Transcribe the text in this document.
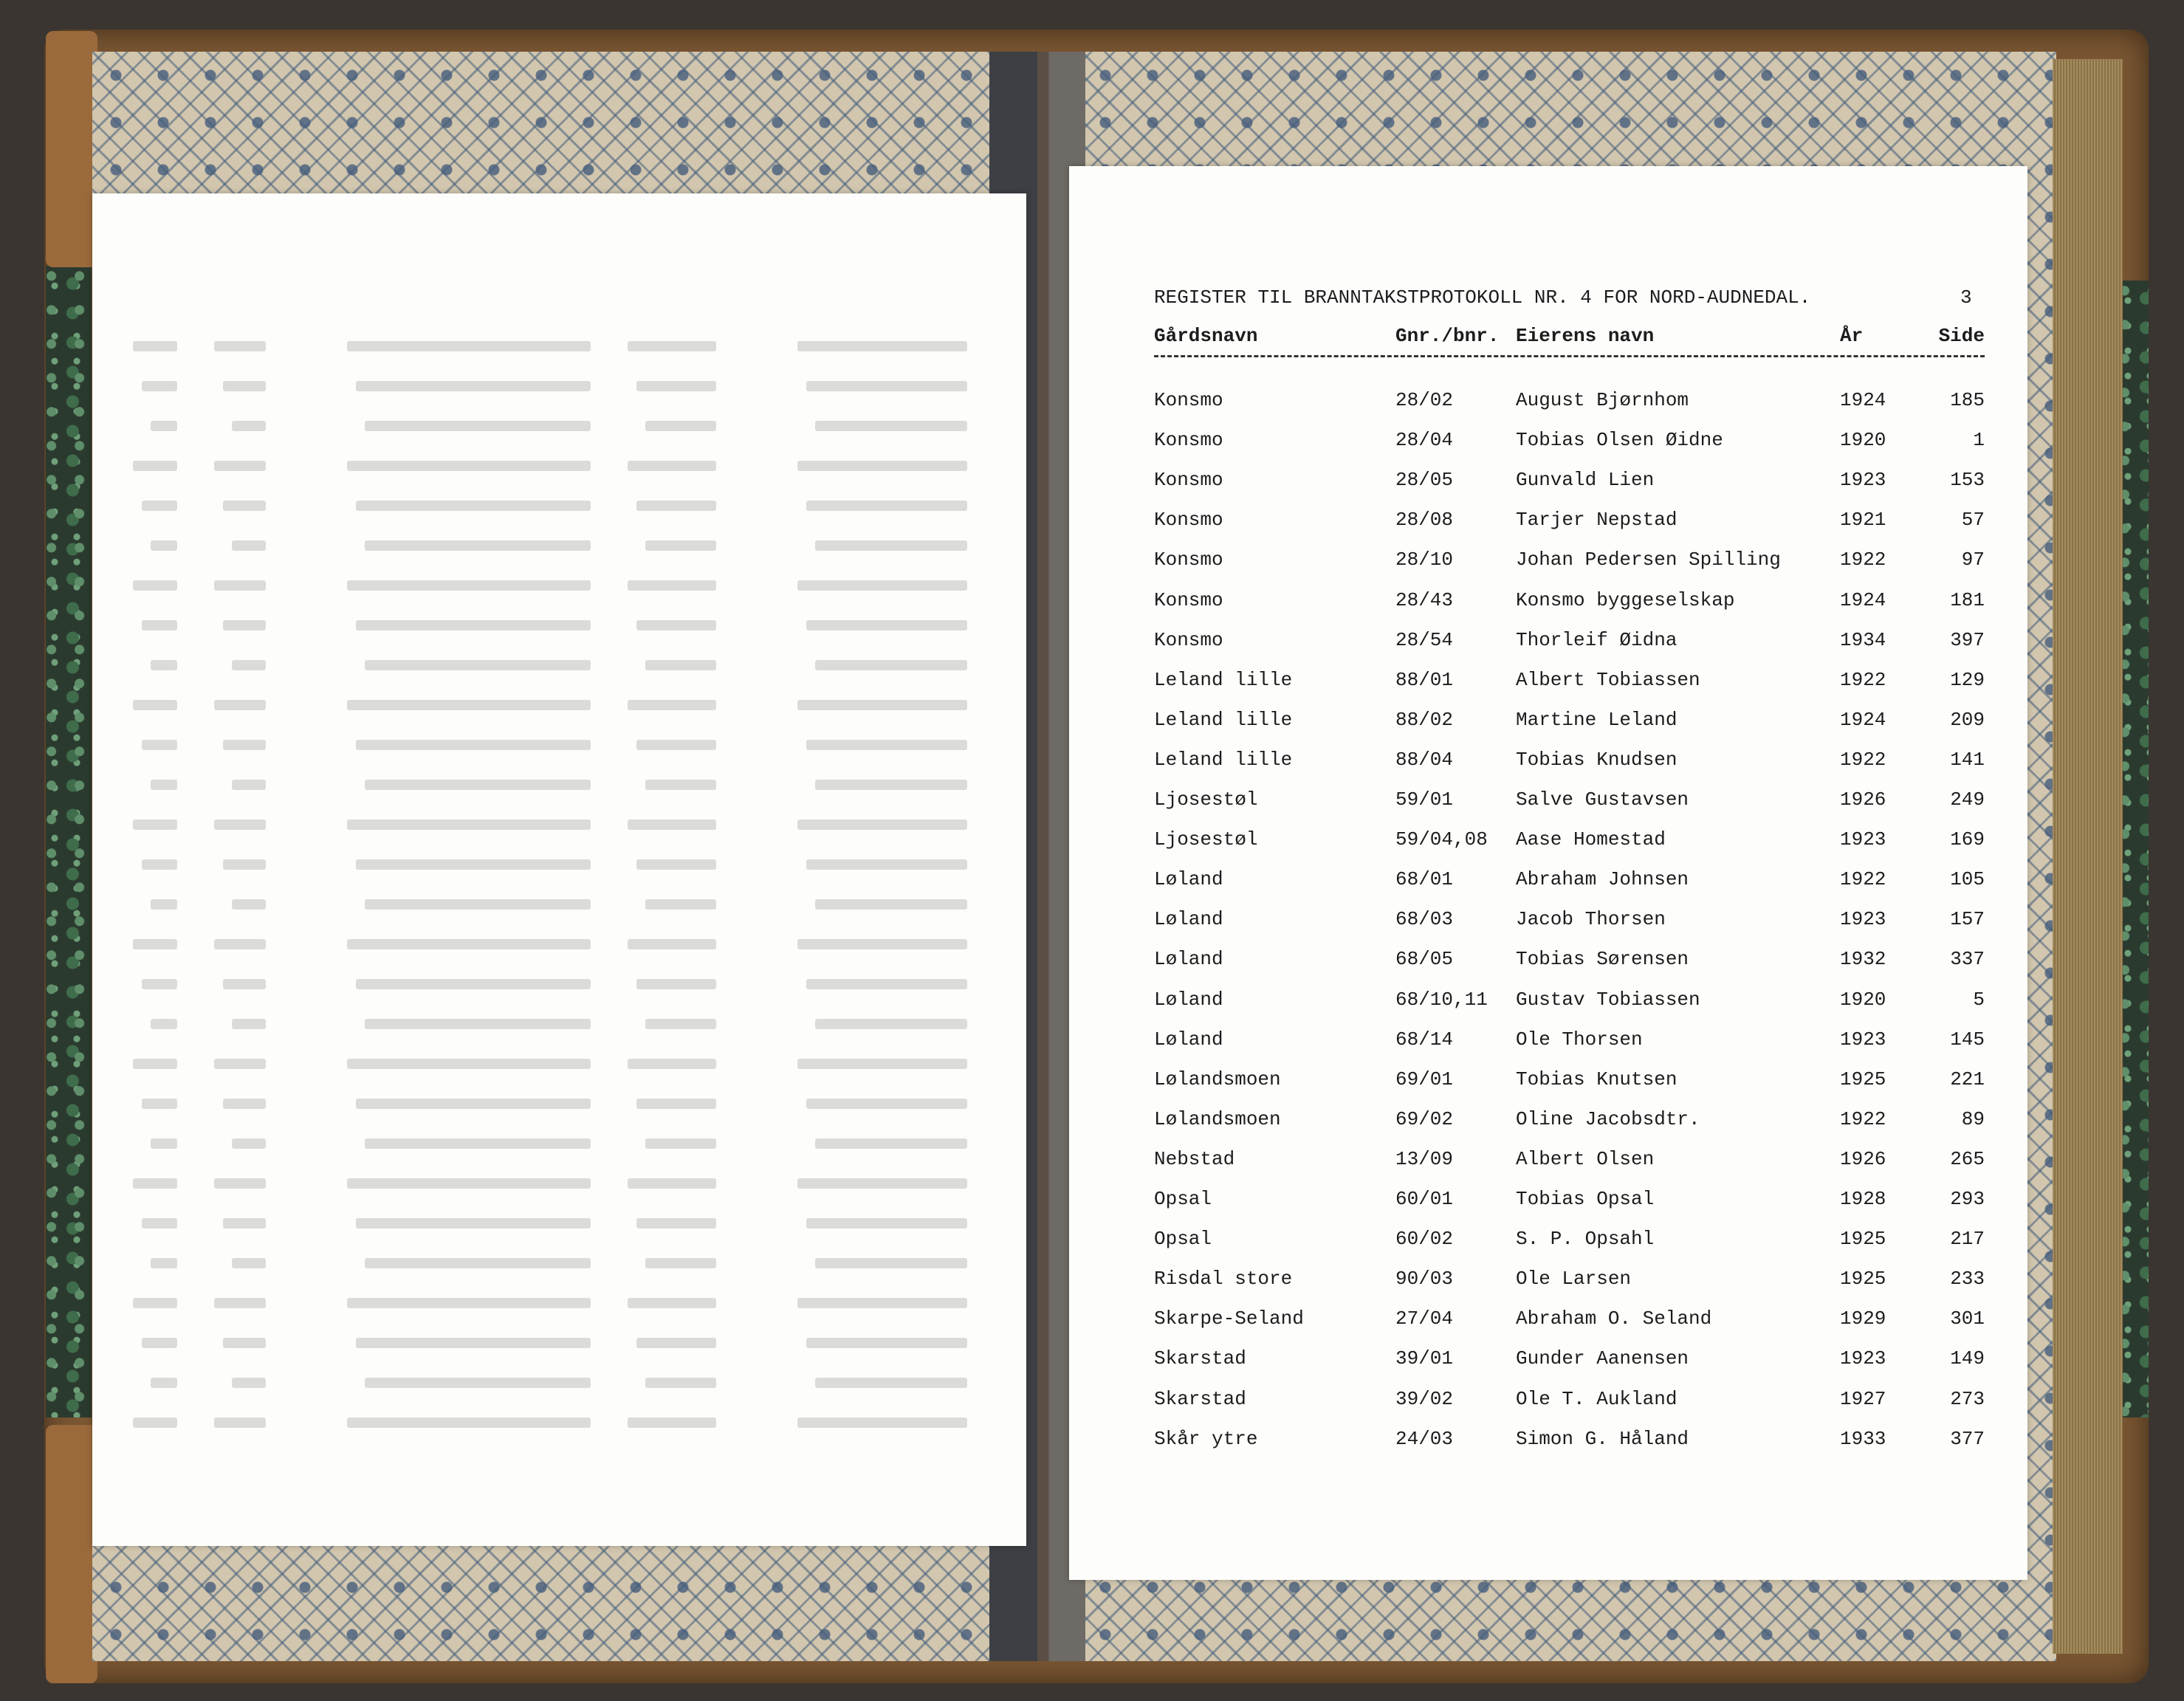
REGISTER TIL BRANNTAKSTPROTOKOLL NR. 4 FOR NORD-AUDNEDAL.	3
Gårdsnavn	Gnr./bnr. Eierens navn	År	Side
Konsmo	28/02	August Bjørnhom	1924	185
Konsmo	28/04	Tobias Olsen Øidne	1920	1
Konsmo	28/05	Gunvald Lien	1923	153
Konsmo	28/08	Tarjer Nepstad	1921	57
Konsmo	28/10	Johan Pedersen Spilling	1922	97
Konsmo	28/43	Konsmo byggeselskap	1924	181
Konsmo	28/54	Thorleif Øidna	1934	397
Leland lille	88/01	Albert Tobiassen	1922	129
Leland lille	88/02	Martine Leland	1924	209
Leland lille	88/04	Tobias Knudsen	1922	141
Ljosestøl	59/01	Salve Gustavsen	1926	249
Ljosestøl	59/04,08 Aase Homestad	1923	169
Løland	68/01	Abraham Johnsen	1922	105
Løland	68/03	Jacob Thorsen	1923	157
Løland	68/05	Tobias Sørensen	1932	337
Løland	68/10,11 Gustav Tobiassen	1920	5
Løland	68/14	Ole Thorsen	1923	145
Lølandsmoen	69/01	Tobias Knutsen	1925	221
Lølandsmoen	69/02	Oline Jacobsdtr.	1922	89
Nebstad	13/09	Albert Olsen	1926	265
Opsal	60/01	Tobias Opsal	1928	293
Opsal	60/02	S. P. Opsahl	1925	217
Risdal store	90/03	Ole Larsen	1925	233
Skarpe-Seland	27/04	Abraham O. Seland	1929	301
Skarstad	39/01	Gunder Aanensen	1923	149
Skarstad	39/02	Ole T. Aukland	1927	273
Skår ytre	24/03	Simon G. Håland	1933	377
